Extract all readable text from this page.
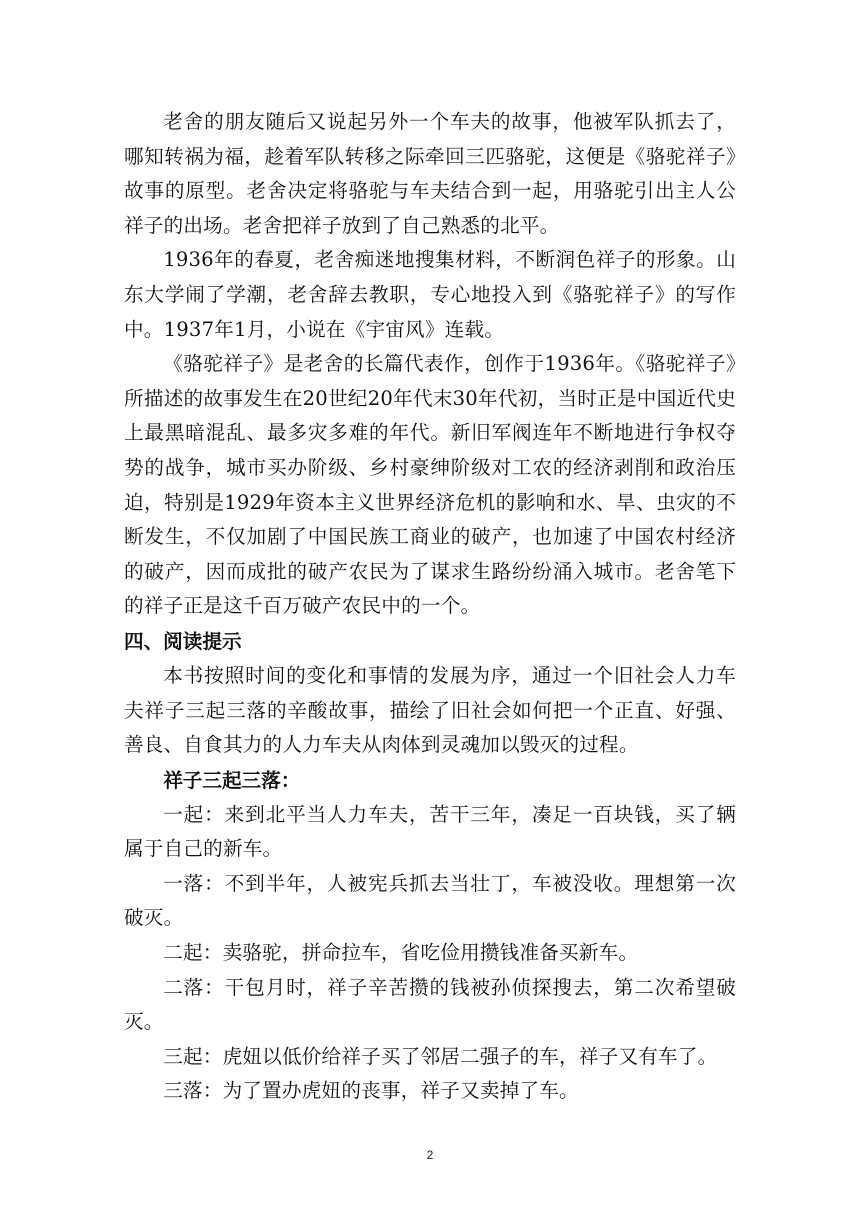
老舍的朋友随后又说起另外一个车夫的故事，他被军队抓去了，哪知转祸为福，趁着军队转移之际牵回三匹骆驼，这便是《骆驼祥子》故事的原型。老舍决定将骆驼与车夫结合到一起，用骆驼引出主人公祥子的出场。老舍把祥子放到了自己熟悉的北平。

1936年的春夏，老舍痴迷地搜集材料，不断润色祥子的形象。山东大学闹了学潮，老舍辞去教职，专心地投入到《骆驼祥子》的写作中。1937年1月，小说在《宇宙风》连载。

《骆驼祥子》是老舍的长篇代表作，创作于1936年。《骆驼祥子》所描述的故事发生在20世纪20年代末30年代初，当时正是中国近代史上最黑暗混乱、最多灾多难的年代。新旧军阀连年不断地进行争权夺势的战争，城市买办阶级、乡村豪绅阶级对工农的经济剥削和政治压迫，特别是1929年资本主义世界经济危机的影响和水、旱、虫灾的不断发生，不仅加剧了中国民族工商业的破产，也加速了中国农村经济的破产，因而成批的破产农民为了谋求生路纷纷涌入城市。老舍笔下的祥子正是这千百万破产农民中的一个。

四、阅读提示

本书按照时间的变化和事情的发展为序，通过一个旧社会人力车夫祥子三起三落的辛酸故事，描绘了旧社会如何把一个正直、好强、善良、自食其力的人力车夫从肉体到灵魂加以毁灭的过程。

祥子三起三落：

一起：来到北平当人力车夫，苦干三年，凑足一百块钱，买了辆属于自己的新车。

一落：不到半年，人被宪兵抓去当壮丁，车被没收。理想第一次破灭。

二起：卖骆驼，拼命拉车，省吃俭用攒钱准备买新车。

二落：干包月时，祥子辛苦攒的钱被孙侦探搜去，第二次希望破灭。

三起：虎妞以低价给祥子买了邻居二强子的车，祥子又有车了。

三落：为了置办虎妞的丧事，祥子又卖掉了车。

2
